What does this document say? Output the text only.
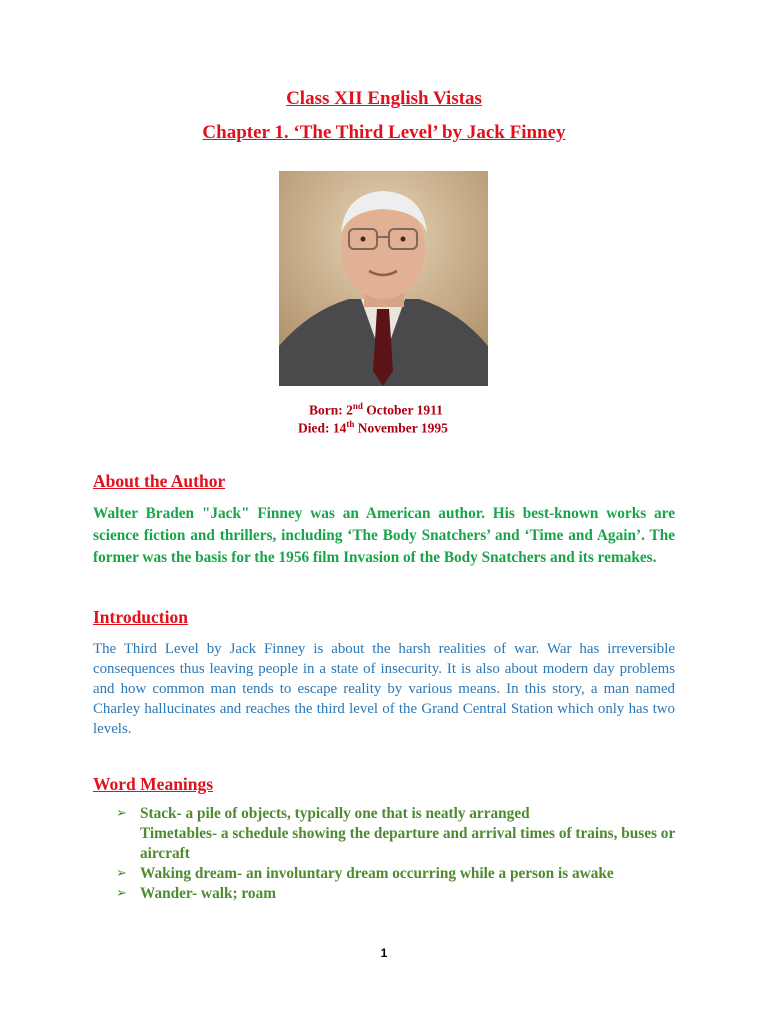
Class XII English Vistas
Chapter 1. ‘The Third Level’ by Jack Finney
Born: 2nd October 1911
Died: 14th November 1995
About the Author
Walter Braden "Jack" Finney was an American author. His best-known works are science fiction and thrillers, including ‘The Body Snatchers’ and ‘Time and Again’. The former was the basis for the 1956 film Invasion of the Body Snatchers and its remakes.
Introduction
The Third Level by Jack Finney is about the harsh realities of war. War has irreversible consequences thus leaving people in a state of insecurity. It is also about modern day problems and how common man tends to escape reality by various means. In this story, a man named Charley hallucinates and reaches the third level of the Grand Central Station which only has two levels.
Word Meanings
➢ Stack- a pile of objects, typically one that is neatly arranged
Timetables- a schedule showing the departure and arrival times of trains, buses or aircraft
➢ Waking dream- an involuntary dream occurring while a person is awake
➢ Wander- walk; roam
1
